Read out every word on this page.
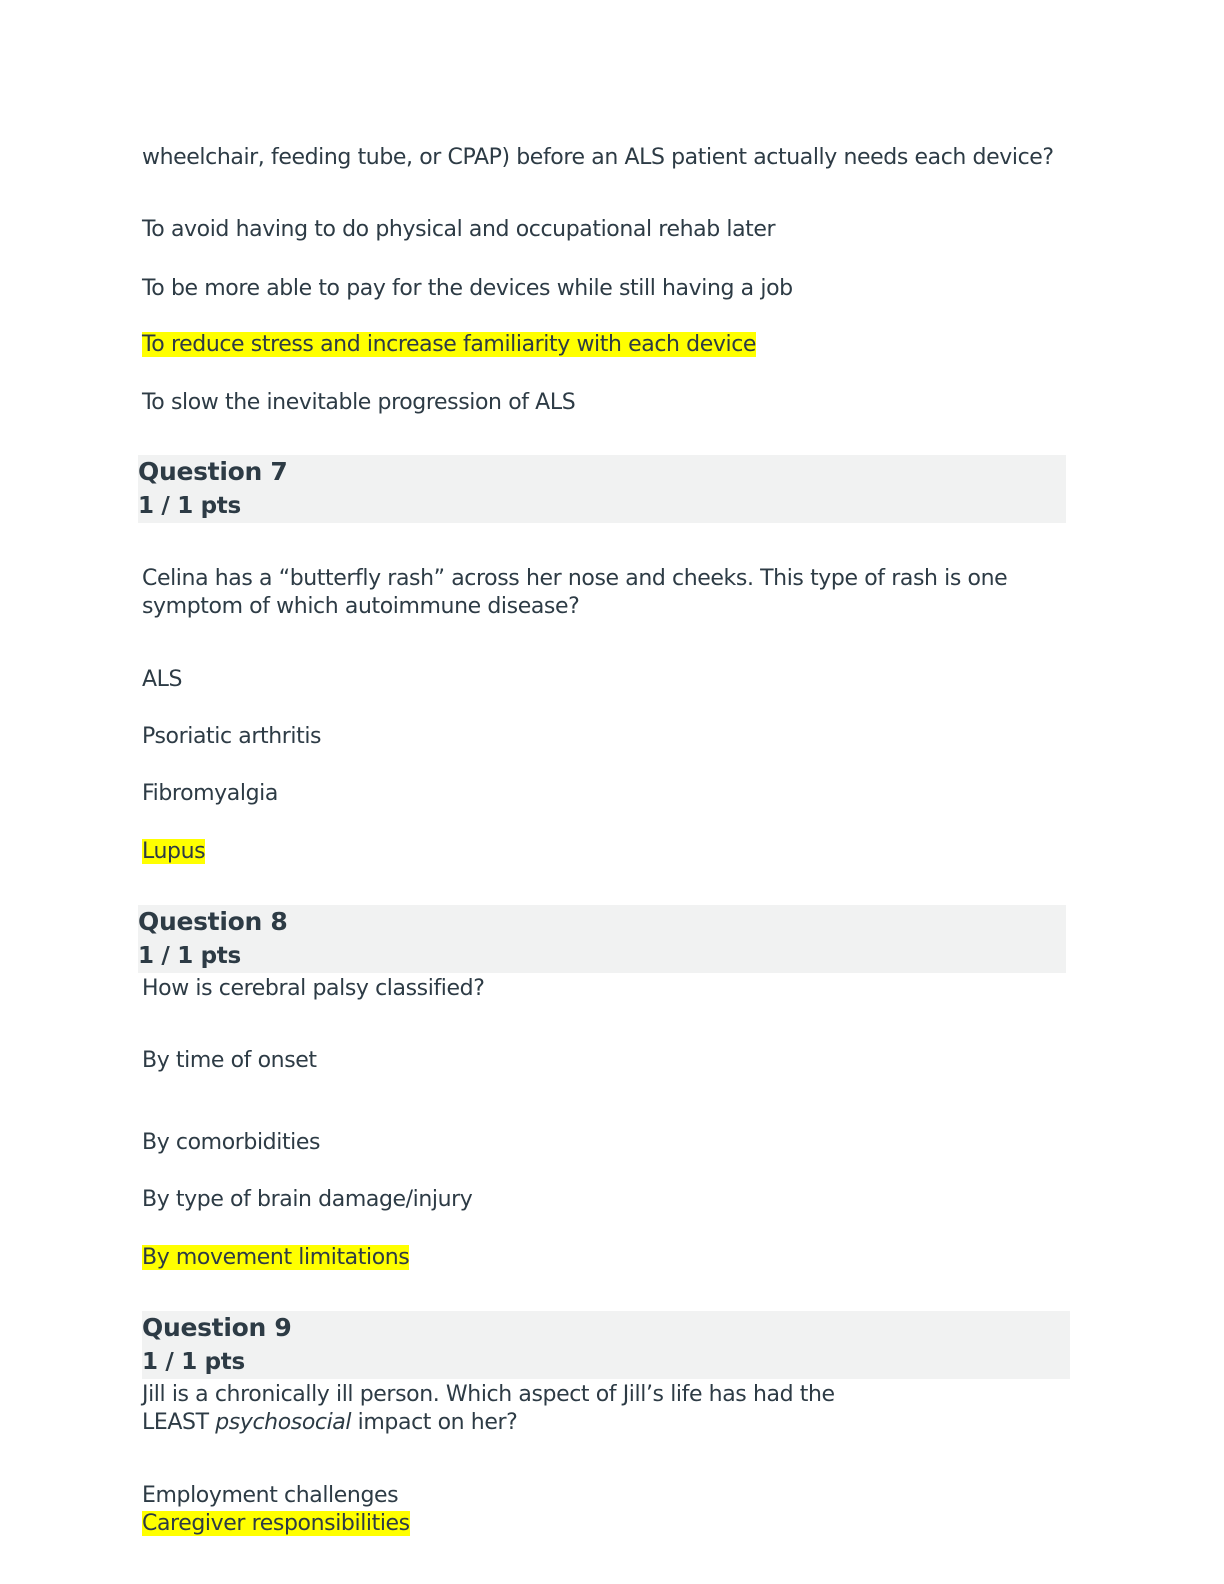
wheelchair, feeding tube, or CPAP) before an ALS patient actually needs each device?
To avoid having to do physical and occupational rehab later
To be more able to pay for the devices while still having a job
To reduce stress and increase familiarity with each device
To slow the inevitable progression of ALS
Question 7
1 / 1 pts
Celina has a “butterfly rash” across her nose and cheeks. This type of rash is one
symptom of which autoimmune disease?
ALS
Psoriatic arthritis
Fibromyalgia
Lupus
Question 8
1 / 1 pts
How is cerebral palsy classified?
By time of onset
By comorbidities
By type of brain damage/injury
By movement limitations
Question 9
1 / 1 pts
Jill is a chronically ill person. Which aspect of Jill’s life has had the
LEAST psychosocial impact on her?
Employment challenges
Caregiver responsibilities
